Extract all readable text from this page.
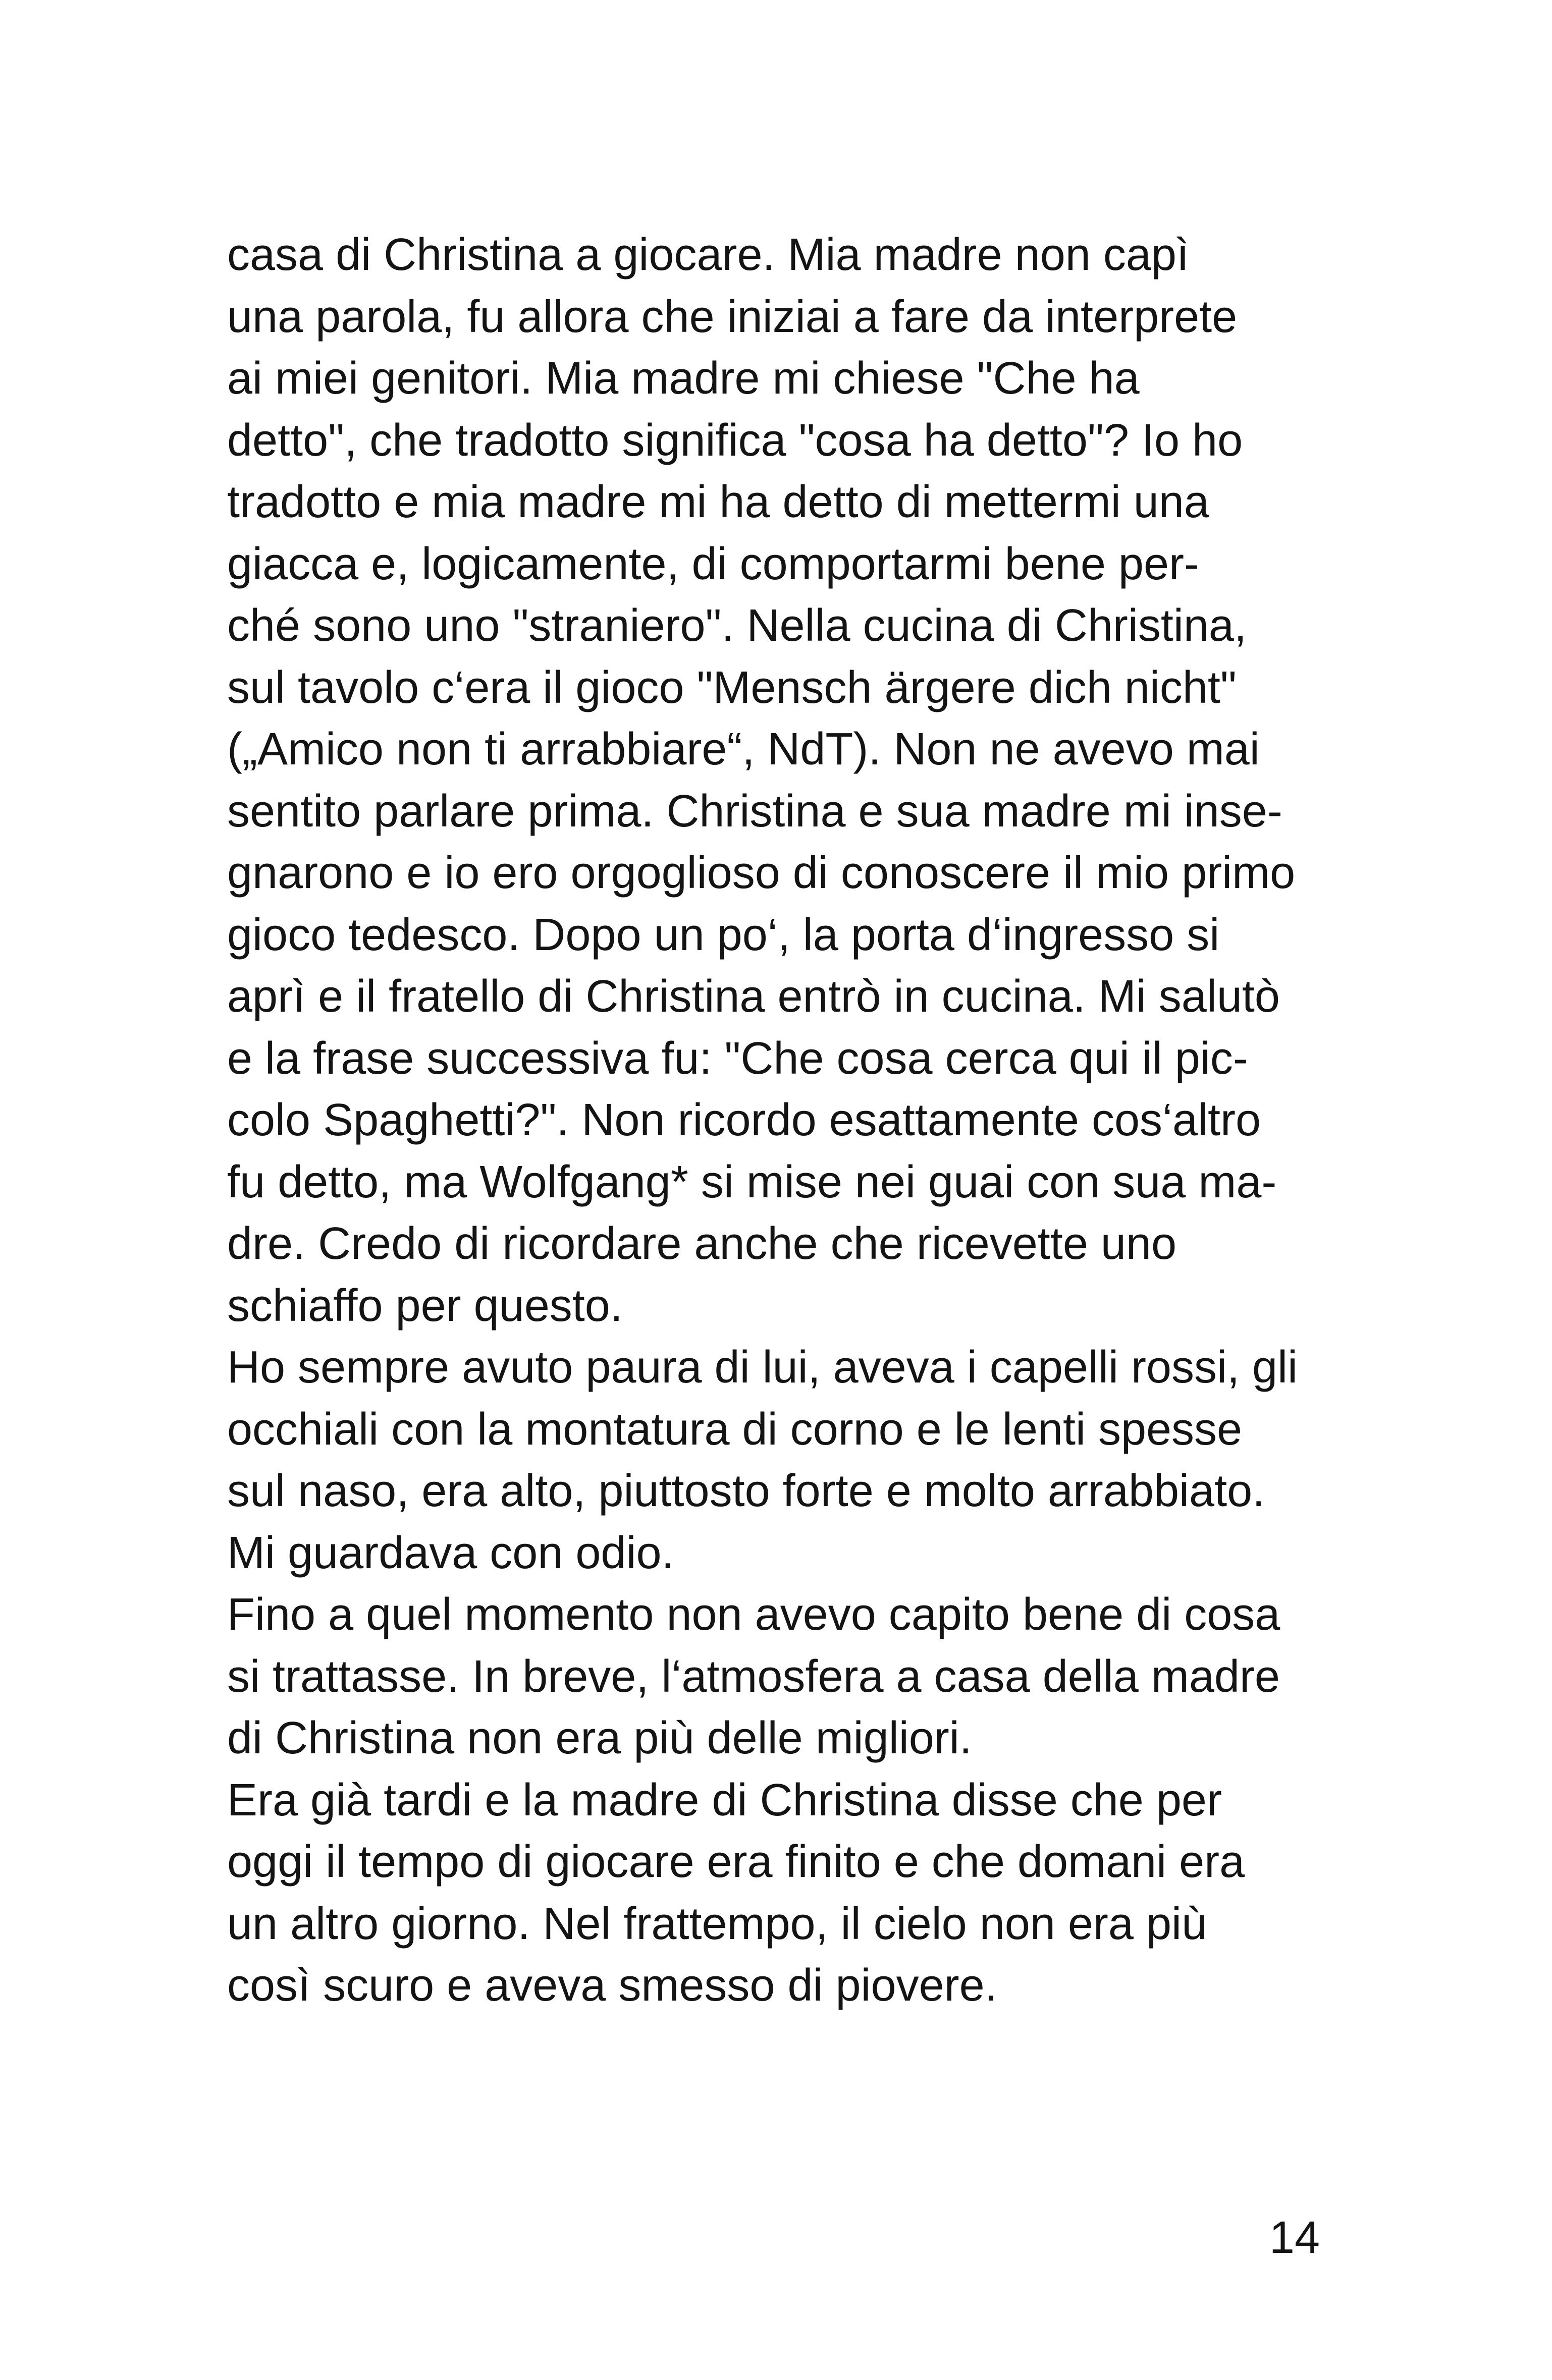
casa di Christina a giocare. Mia madre non capì
una parola, fu allora che iniziai a fare da interprete
ai miei genitori. Mia madre mi chiese "Che ha
detto", che tradotto significa "cosa ha detto"? Io ho
tradotto e mia madre mi ha detto di mettermi una
giacca e, logicamente, di comportarmi bene per-
ché sono uno "straniero". Nella cucina di Christina,
sul tavolo c‘era il gioco "Mensch ärgere dich nicht"
(„Amico non ti arrabbiare“, NdT). Non ne avevo mai
sentito parlare prima. Christina e sua madre mi inse-
gnarono e io ero orgoglioso di conoscere il mio primo
gioco tedesco. Dopo un po‘, la porta d‘ingresso si
aprì e il fratello di Christina entrò in cucina. Mi salutò
e la frase successiva fu: "Che cosa cerca qui il pic-
colo Spaghetti?". Non ricordo esattamente cos‘altro
fu detto, ma Wolfgang* si mise nei guai con sua ma-
dre. Credo di ricordare anche che ricevette uno
schiaffo per questo.
Ho sempre avuto paura di lui, aveva i capelli rossi, gli
occhiali con la montatura di corno e le lenti spesse
sul naso, era alto, piuttosto forte e molto arrabbiato.
Mi guardava con odio.
Fino a quel momento non avevo capito bene di cosa
si trattasse. In breve, l‘atmosfera a casa della madre
di Christina non era più delle migliori.
Era già tardi e la madre di Christina disse che per
oggi il tempo di giocare era finito e che domani era
un altro giorno. Nel frattempo, il cielo non era più
così scuro e aveva smesso di piovere.
14
